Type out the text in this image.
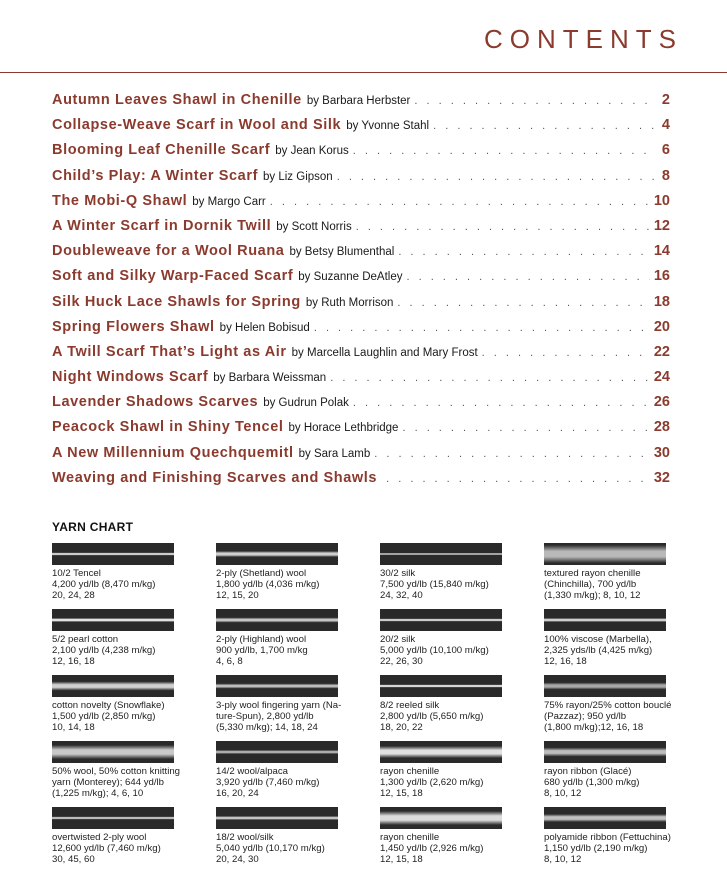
CONTENTS
Autumn Leaves Shawl in Chenille by Barbara Herbster . . .	2
Collapse-Weave Scarf in Wool and Silk by Yvonne Stahl . . .	4
Blooming Leaf Chenille Scarf by Jean Korus . . .	6
Child’s Play: A Winter Scarf by Liz Gipson . . .	8
The Mobi-Q Shawl by Margo Carr . . .	10
A Winter Scarf in Dornik Twill by Scott Norris . . .	12
Doubleweave for a Wool Ruana by Betsy Blumenthal . . .	14
Soft and Silky Warp-Faced Scarf by Suzanne DeAtley . . .	16
Silk Huck Lace Shawls for Spring by Ruth Morrison . . .	18
Spring Flowers Shawl by Helen Bobisud . . .	20
A Twill Scarf That’s Light as Air by Marcella Laughlin and Mary Frost . . .	22
Night Windows Scarf by Barbara Weissman . . .	24
Lavender Shadows Scarves by Gudrun Polak . . .	26
Peacock Shawl in Shiny Tencel by Horace Lethbridge . . .	28
A New Millennium Quechquemitl by Sara Lamb . . .	30
Weaving and Finishing Scarves and Shawls . . .	32
YARN CHART
10/2 Tencel
4,200 yd/lb (8,470 m/kg)
20, 24, 28
2-ply (Shetland) wool
1,800 yd/lb (4,036 m/kg)
12, 15, 20
30/2 silk
7,500 yd/lb (15,840 m/kg)
24, 32, 40
textured rayon chenille
(Chinchilla), 700 yd/lb
(1,330 m/kg); 8, 10, 12
5/2 pearl cotton
2,100 yd/lb (4,238 m/kg)
12, 16, 18
2-ply (Highland) wool
900 yd/lb, 1,700 m/kg
4, 6, 8
20/2 silk
5,000 yd/lb (10,100 m/kg)
22, 26, 30
100% viscose (Marbella),
2,325 yds/lb (4,425 m/kg)
12, 16, 18
cotton novelty (Snowflake)
1,500 yd/lb (2,850 m/kg)
10, 14, 18
3-ply wool fingering yarn (Na-
ture-Spun), 2,800 yd/lb
(5,330 m/kg); 14, 18, 24
8/2 reeled silk
2,800 yd/lb (5,650 m/kg)
18, 20, 22
75% rayon/25% cotton bouclé
(Pazzaz); 950 yd/lb
(1,800 m/kg);12, 16, 18
50% wool, 50% cotton knitting
yarn (Monterey); 644 yd/lb
(1,225 m/kg); 4, 6, 10
14/2 wool/alpaca
3,920 yd/lb (7,460 m/kg)
16, 20, 24
rayon chenille
1,300 yd/lb (2,620 m/kg)
12, 15, 18
rayon ribbon (Glacé)
680 yd/lb (1,300 m/kg)
8, 10, 12
overtwisted 2-ply wool
12,600 yd/lb (7,460 m/kg)
30, 45, 60
18/2 wool/silk
5,040 yd/lb (10,170 m/kg)
20, 24, 30
rayon chenille
1,450 yd/lb (2,926 m/kg)
12, 15, 18
polyamide ribbon (Fettuchina)
1,150 yd/lb (2,190 m/kg)
8, 10, 12
